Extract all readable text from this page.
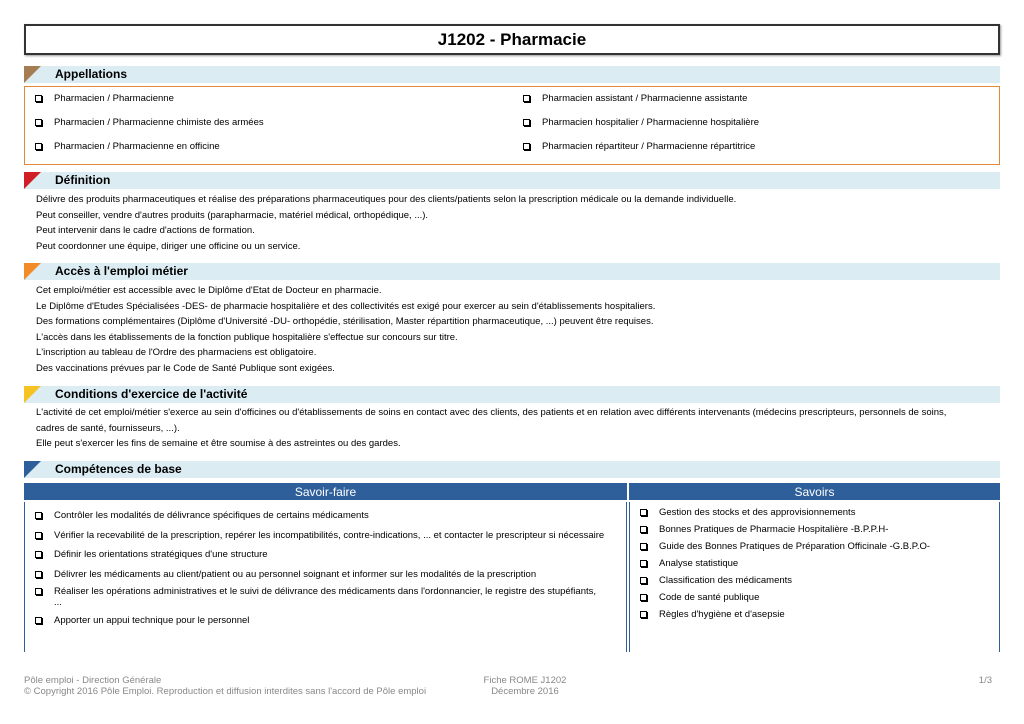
J1202 - Pharmacie
Appellations
Pharmacien / Pharmacienne
Pharmacien / Pharmacienne chimiste des armées
Pharmacien / Pharmacienne en officine
Pharmacien assistant / Pharmacienne assistante
Pharmacien hospitalier / Pharmacienne hospitalière
Pharmacien répartiteur / Pharmacienne répartitrice
Définition

Délivre des produits pharmaceutiques et réalise des préparations pharmaceutiques pour des clients/patients selon la prescription médicale ou la demande individuelle.

Peut conseiller, vendre d'autres produits (parapharmacie, matériel médical, orthopédique, ...).

Peut intervenir dans le cadre d'actions de formation.

Peut coordonner une équipe, diriger une officine ou un service.

Accès à l'emploi métier

Cet emploi/métier est accessible avec le Diplôme d'Etat de Docteur en pharmacie.

Le Diplôme d'Etudes Spécialisées -DES- de pharmacie hospitalière et des collectivités est exigé pour exercer au sein d'établissements hospitaliers.

Des formations complémentaires (Diplôme d'Université -DU- orthopédie, stérilisation, Master répartition pharmaceutique, ...) peuvent être requises.

L'accès dans les établissements de la fonction publique hospitalière s'effectue sur concours sur titre.

L'inscription au tableau de l'Ordre des pharmaciens est obligatoire.

Des vaccinations prévues par le Code de Santé Publique sont exigées.

Conditions d'exercice de l'activité

L'activité de cet emploi/métier s'exerce au sein d'officines ou d'établissements de soins en contact avec des clients, des patients et en relation avec différents intervenants (médecins prescripteurs, personnels de soins,

cadres de santé, fournisseurs, ...).

Elle peut s'exercer les fins de semaine et être soumise à des astreintes ou des gardes.

Compétences de base
Savoir-faire	Savoirs
Contrôler les modalités de délivrance spécifiques de certains médicaments
Vérifier la recevabilité de la prescription, repérer les incompatibilités, contre-indications, ... et contacter le prescripteur si nécessaire
Définir les orientations stratégiques d'une structure
Délivrer les médicaments au client/patient ou au personnel soignant et informer sur les modalités de la prescription
Réaliser les opérations administratives et le suivi de délivrance des médicaments dans l'ordonnancier, le registre des stupéfiants,
...
Apporter un appui technique pour le personnel
Gestion des stocks et des approvisionnements
Bonnes Pratiques de Pharmacie Hospitalière -B.P.P.H-
Guide des Bonnes Pratiques de Préparation Officinale -G.B.P.O-
Analyse statistique
Classification des médicaments
Code de santé publique
Règles d'hygiène et d'asepsie
Pôle emploi - Direction Générale
© Copyright 2016 Pôle Emploi. Reproduction et diffusion interdites sans l'accord de Pôle emploi
Fiche ROME J1202
Décembre 2016
1/3
